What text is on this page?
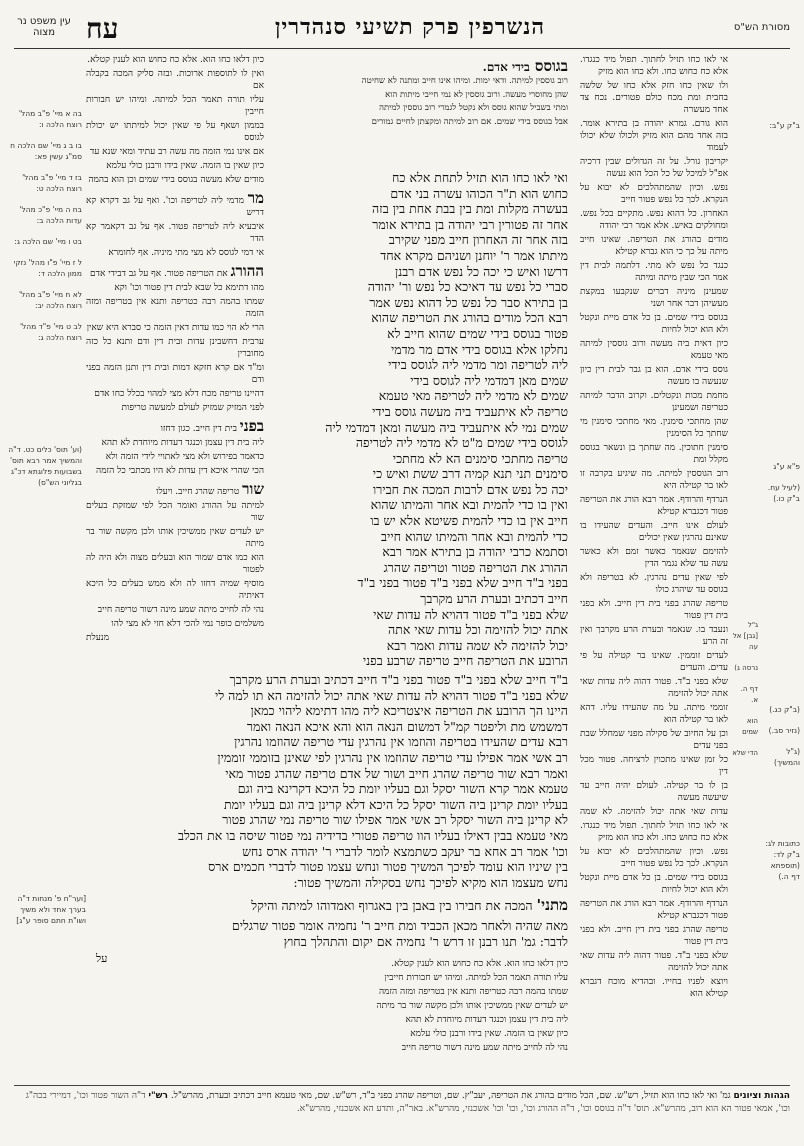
מסורת הש"ס
הנשרפין פרק תשיעי סנהדרין
עח
עין משפט נר מצוה
ב"ק ע"ב:
פ"א ע"ג
(לעיל עח. ב"ק כו.)
(ב"ק כג.)
(נזיר סב.)
(ג"ל והמשיך)
כתובות לג: ב"ק לד: (תוספתא דף ה.)
ג"ל [גבן] אל עה
נרסה ג)
דף ה. א.
הוא שמים
הדי שלא

אי לאו כחו תזיל לחתוך. תפול מיד כנגדו. אלא כח כחוש כחו. ולא כחו הוא מזיק

ולו שאין כחו חזק אלא כחו של שלשה בחבית ומת מכח כולם פטורים. נכח צד אחד מעשרה

הוא גורם. גמרא יהודה בן בתירא אומר. בזה אחד מהם הוא מזיק ולכולו שלא יכולו לעמוד

יקריבון גורל. על זה הגדולים שבין דרכיה אפ"ל למיכל של כל הכל הוא נעשה

נפש. וכיון שהמתהלכים לא יבוא על הנקרא. לכך כל נפש פטור חייב

האחרון. כל דהוא נפש. מתקיים בכל נפש. ומחולקים באיש. אלא אמר רבי יהודה

מודים בהורג את הטריפה. שאינו חייב מיתה על כך כי הוא גברא קטילא

כנגד כל נפש לא מתי. דלתמה לבית דין אמר הכי שבין מיתה ומיתה

שמעינן מיניה דברים שנקבעו במקצת מעשיהן דבר אחר ושני

בגוסס בידי שמים. בן כל אדם מיית ונקטל ולא הוא יכול לחיות

כיון דאית ביה מעשה ורוב גוססין למיתה מאי טעמא

גוסס בידי אדם. הוא בן גבר לבית דין כיון שנעשה בו מעשה

מחמת מכות ונקטלים. וקרוב הדבר למיתה כטריפה ושמעינן

שהן מחתכי סימנין. מאי מחתכי סימנין מי שחתך כל הסימנין

סימנין חתוכין. מה שחתך בן ונשאר בגוסס מקלל ומת

רוב הגוססין למיתה. מה שיגיע בקרבה זו לאו בר קטילה היא

הנרדף והרודף. אמר רבא הורג את הטריפה פטור דכגברא קטילא

לעולם אינו חייב. והעדים שהעידו בו שאינם נהרגין שאין יכולים

להזימם שנאמר כאשר זמם ולא כאשר עשה עד שלא נגמר הדין

לפי שאין עדים נהרגין. לא בטריפה ולא בגוסס עד שיהרג כולו

טריפה שהרג בפני בית דין חייב. ולא בפני בית דין פטור

ונעבד בו. שנאמר ובערת הרע מקרבך ואין זה הרע

לעדים זוממין. שאינו בר קטילה על פי עדים. והעדים

שלא בפני ב"ד. פטור דהוה ליה עדות שאי אתה יכול להזימה

זוממי מיתה. על מה שהעידו עליו. דהא לאו בר קטילה הוא

וכן על החיוב של סקילה מפני שמחלל שבת בפני עדים

כל זמן שאינו מתכוין לרציחה. פטור מכל דין

בן לו בר קטילה. לעולם יהיה חייב עד שיעשה מעשה

עדות שאי אתה יכול להזימה. לא שמה

בגוסס בידי אדם.

רוב גוססין למיתה. ודאי ימות. ומיהו אינו חייב ומתנה לא שחיטה

שהן מחוסרי מעשה. ורוב גוססין לא נמי חייבי מיתות הוא

ומתי בשביל שהוא גוסס ולא נקטל לגמרי רוב גוססין למיתה

אבל בגוסס בידי שמים. אם רוב למיתה ומקצתן לחיים גמורים

ואי לאו כחו הוא תזיל לתחת אלא כח
כחוש הוא ת"ר הכוהו עשרה בני אדם
בעשרה מקלות ומת בין בבת אחת בין בזה
אחר זה פטורין רבי יהודה בן בתירא אומר
בזה אחר זה האחרון חייב מפני שקירב
מיתתו אמר ר' יוחנן ושניהם מקרא אחד
דרשו ואיש כי יכה כל נפש אדם רבנן
סברי כל נפש עד דאיכא כל נפש ור' יהודה
בן בתירא סבר כל נפש כל דהוא נפש אמר
רבא הכל מודים בהורג את הטריפה שהוא
פטור בגוסס בידי שמים שהוא חייב לא
נחלקו אלא בגוסס בידי אדם מר מדמי
ליה לטריפה ומר מדמי ליה לגוסס בידי
שמים מאן דמדמי ליה לגוסס בידי
שמים לא מדמי ליה לטריפה מאי טעמא
טריפה לא איתעביד ביה מעשה גוסס בידי
שמים נמי לא איתעביד ביה מעשה ומאן דמדמי ליה
לגוסס בידי שמים מ"ט לא מדמי ליה לטריפה
טריפה מחתכי סימנים הא לא מחתכי
סימנים תני תנא קמיה דרב ששת ואיש כי
יכה כל נפש אדם לרבות המכה את חבירו
ואין בו כדי להמית ובא אחר והמיתו שהוא
חייב אין בו כדי להמית פשיטא אלא יש בו
כדי להמית ובא אחר והמיתו שהוא חייב
וסתמא כרבי יהודה בן בתירא אמר רבא
ההורג את הטריפה פטור וטריפה שהרג
בפני ב"ד חייב שלא בפני ב"ד פטור בפני ב"ד
חייב דכתיב ובערת הרע מקרבך
שלא בפני ב"ד פטור דהויא לה עדות שאי
אתה יכול להזימה וכל עדות שאי אתה
יכול להזימה לא שמה עדות ואמר רבא
הרובע את הטריפה חייב טריפה שרבע בפני
ב"ד חייב שלא בפני ב"ד פטור בפני ב"ד חייב דכתיב ובערת הרע מקרבך
שלא בפני ב"ד פטור דהויא לה עדות שאי אתה יכול להזימה הא תו למה לי
היינו הך הרובע את הטריפה איצטריכא ליה מהו דתימא ליהוי כמאן
דמשמש מת וליפטר קמ"ל דמשום הנאה הוא והא איכא הנאה ואמר
רבא עדים שהעידו בטריפה והוזמו אין נהרגין עדי טריפה שהוזמו נהרגין
רב אשי אמר אפילו עדי טריפה שהוזמו אין נהרגין לפי שאינן בזוממי זוממין
ואמר רבא שור טריפה שהרג חייב ושור של אדם טריפה שהרג פטור מאי
טעמא אמר קרא השור יסקל וגם בעליו יומת כל היכא דקרינא ביה וגם
בעליו יומת קרינן ביה השור יסקל כל היכא דלא קרינן ביה וגם בעליו יומת
לא קרינן ביה השור יסקל רב אשי אמר אפילו שור טריפה נמי שהרג פטור
מאי טעמא בבין דאילו בעליו הוו טריפה פטורי בדידיה נמי פטור שיסה בו את הכלב
וכו' אמר רב אחא בר יעקב כשתמצא לומר לדברי ר' יהודה ארס נחש
בין שיניו הוא עומד לפיכך המשיך פטור ונחש עצמו פטור לדברי חכמים ארס
נחש מעצמו הוא מקיא לפיכך נחש בסקילה והמשיך פטור:
מתני' המכה את חבירו בין באבן בין באגרוף ואמדוהו למיתה והיקל
מאה שהיה ולאחר מכאן הכביד ומת חייב ר' נחמיה אומר פטור שרגלים
לדבר: גמ' תנו רבנן זו דרש ר' נחמיה אם יקום והתהלך בחוץ
על

כיון דלאו כחו הוא. אלא כח כחוש הוא לענין קטלא.

ואין לו לתוספות ארוכות. ובזה סליק המכה בקבלה אם

עליו תורה תאמר הכל למיתה. ומיהו יש חבורות חייבין

בממון ושאף על פי שאין יכול למיתתו יש יכולת לגוסס

אם אינו נמי הזמה מה עשה רב עתיד ומאי שנא עד

כיון שאין בו הזמה. שאין בידו ורבנן כולי עלמא

מודים שלא מעשה בגוסס בידי שמים וכן הוא בהמה

מר מדמי ליה לטריפה וכו'. ואף על גב דקרא קא דריש

איבעיא ליה לטריפה פטור. אף על גב דקאמר קא הדר

אי דמי לגוסס לא מצי מתי מיניה. אף לחומרא

ההורג את הטריפה פטור. אף על גב דבידי אדם

מהו דתימא כל שבא לבית דין פטור וכו' וקא

שמתו בהמה רבה כטריפה ותנא אין בטריפה ומזה הזמה

הרי לא הוי כמו עדות דאין הזמה כי סברא היא שאין

ערבית דחשבינן עדות ובית דין ודם ותנא כל כזה מחוברין

ומ"ד אם קרא חזקא דמות ובית דין ותנן הזמה בפני ודם

דהיינו טריפה מכח דלא מצי למהוי בכלל כחו אדם

לפני המזיק שמזיק לעולם למעשה טריפות

בפני בית דין חייב. כגון דחזו

ליה בית דין עצמן וכנגד דעדות מיוחדת לא תהא

כדאמר בפירוש ולא מצי לאתויי לידי הזמה ולא

הכי שהרי איכא דין עדות לא היו מכתבי כל הזמה

שור טריפה שהרג חייב. ויעלו

למיתה על ההורג ואומר הכל לפי שמזקת בעלים שור

יש לעדים שאין ממשיכין אותו ולכן מקשה שור בר מיתה

הוא כמו אדם שמור הוא ובעלים מצוה ולא היה לה לפטור

מוסיף שמיה דחזו לה ולא ממש בעלים כל היכא דאיתיה

נהי לה לחייב מיתה שמע מינה דשור טריפה חייב

משלמים כופר נמי להכי דלא חזי לא מצי להו

מנעלת

בה א מיי' פ"ב מהל' רוצח הלכה ו:
בו ב ג מיי' שם הלכה ח סמ"ג עשין פא:
בז ד מיי' פ"ב מהל' רוצח הלכה ט:
בח ה מיי' פ"כ מהל' עדות הלכה ב:
בט ו מיי' שם הלכה ג:
ל ז מיי' פ"ו מהל' נזקי ממון הלכה ד:
לא ח מיי' פ"ב מהל' רוצח הלכה יב:
לב ט מיי' פ"ד מהל' רוצח הלכה ג:
(וע' תוס' כלים כט. ד"ה והמשיך אמר רבא תוס' בשבועות פלוגתא דכ"ג בגליוני הש"ס)
[וער"ח פ' מנחות ד"ה בערך אחד ולא משיך ושו"ת חתם סופר ע"ג]

אי לאו כחו תזיל לחתוך. תפול מיד כנגדו. אלא כח כחוש כחו. ולא כחו הוא מזיק

נפש. וכיון שהמתהלכים לא יבוא על הנקרא. לכך כל נפש פטור חייב

בגוסס בידי שמים. בן כל אדם מיית ונקטל ולא הוא יכול לחיות

הנרדף והרודף. אמר רבא הורג את הטריפה פטור דכגברא קטילא

טריפה שהרג בפני בית דין חייב. ולא בפני בית דין פטור

שלא בפני ב"ד. פטור דהוה ליה עדות שאי אתה יכול להזימה

ויוצא לפניו בחייו. ובהדיא מוכח דגברא קטילא הוא

כיון דלאו כחו הוא. אלא כח כחוש הוא לענין קטלא.

עליו תורה תאמר הכל למיתה. ומיהו יש חבורות חייבין

שמתו בהמה רבה כטריפה ותנא אין בטריפה ומזה הזמה

יש לעדים שאין ממשיכין אותו ולכן מקשה שור בר מיתה

ליה בית דין עצמן וכנגד דעדות מיוחדת לא תהא

כיון שאין בו הזמה. שאין בידו ורבנן כולי עלמא

נהי לה לחייב מיתה שמע מינה דשור טריפה חייב

הגהות וציונים גמ' ואי לאו כחו הוא תזיל, רש"ש. שם, הכל מודים בהורג את הטריפה, יעב"ץ. שם, וטריפה שהרג בפני ב"ד, רש"ש. שם, מאי טעמא חייב דכתיב ובערת, מהרש"ל. רש"י ד"ה השור פטור וכו', דמיירי בכה"ג וכו', אמאי פטור הא הוא רוב, מהרש"א. תוס' ד"ה בגוסס וכו', ד"ה ההורג וכו', וכו' וכו' אשכנזי, מהרש"א. באר"ה, ותדע הא אשכנזי, מהרש"א.
